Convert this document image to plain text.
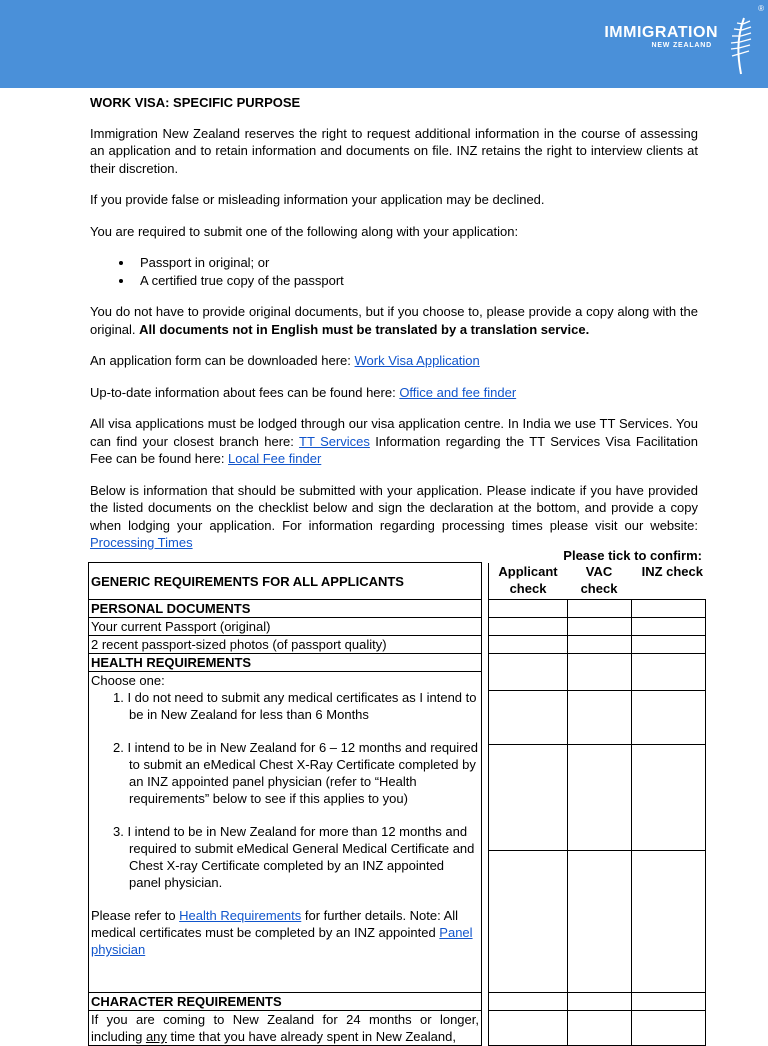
®
IMMIGRATION
NEW ZEALAND
WORK VISA: SPECIFIC PURPOSE

Immigration New Zealand reserves the right to request additional information in the course of assessing an application and to retain information and documents on file. INZ retains the right to interview clients at their discretion.

If you provide false or misleading information your application may be declined.

You are required to submit one of the following along with your application:

• Passport in original; or
• A certified true copy of the passport

You do not have to provide original documents, but if you choose to, please provide a copy along with the original. All documents not in English must be translated by a translation service.

An application form can be downloaded here: Work Visa Application

Up-to-date information about fees can be found here: Office and fee finder

All visa applications must be lodged through our visa application centre. In India we use TT Services. You can find your closest branch here: TT Services Information regarding the TT Services Visa Facilitation Fee can be found here: Local Fee finder

Below is information that should be submitted with your application. Please indicate if you have provided the listed documents on the checklist below and sign the declaration at the bottom, and provide a copy when lodging your application. For information regarding processing times please visit our website: Processing Times

Please tick to confirm:
GENERIC REQUIREMENTS FOR ALL APPLICANTS		Applicant check	VAC check	INZ check
PERSONAL DOCUMENTS				
Your current Passport (original)				
2 recent passport-sized photos (of passport quality)				
HEALTH REQUIREMENTS				

Choose one:
1. I do not need to submit any medical certificates as I intend to be in New Zealand for less than 6 Months
2. I intend to be in New Zealand for 6 – 12 months and required to submit an eMedical Chest X-Ray Certificate completed by an INZ appointed panel physician (refer to “Health requirements” below to see if this applies to you)
3. I intend to be in New Zealand for more than 12 months and required to submit eMedical General Medical Certificate and Chest X-ray Certificate completed by an INZ appointed panel physician.
Please refer to Health Requirements for further details. Note: All medical certificates must be completed by an INZ appointed Panel physician				

CHARACTER REQUIREMENTS				
If you are coming to New Zealand for 24 months or longer, including any time that you have already spent in New Zealand,				
